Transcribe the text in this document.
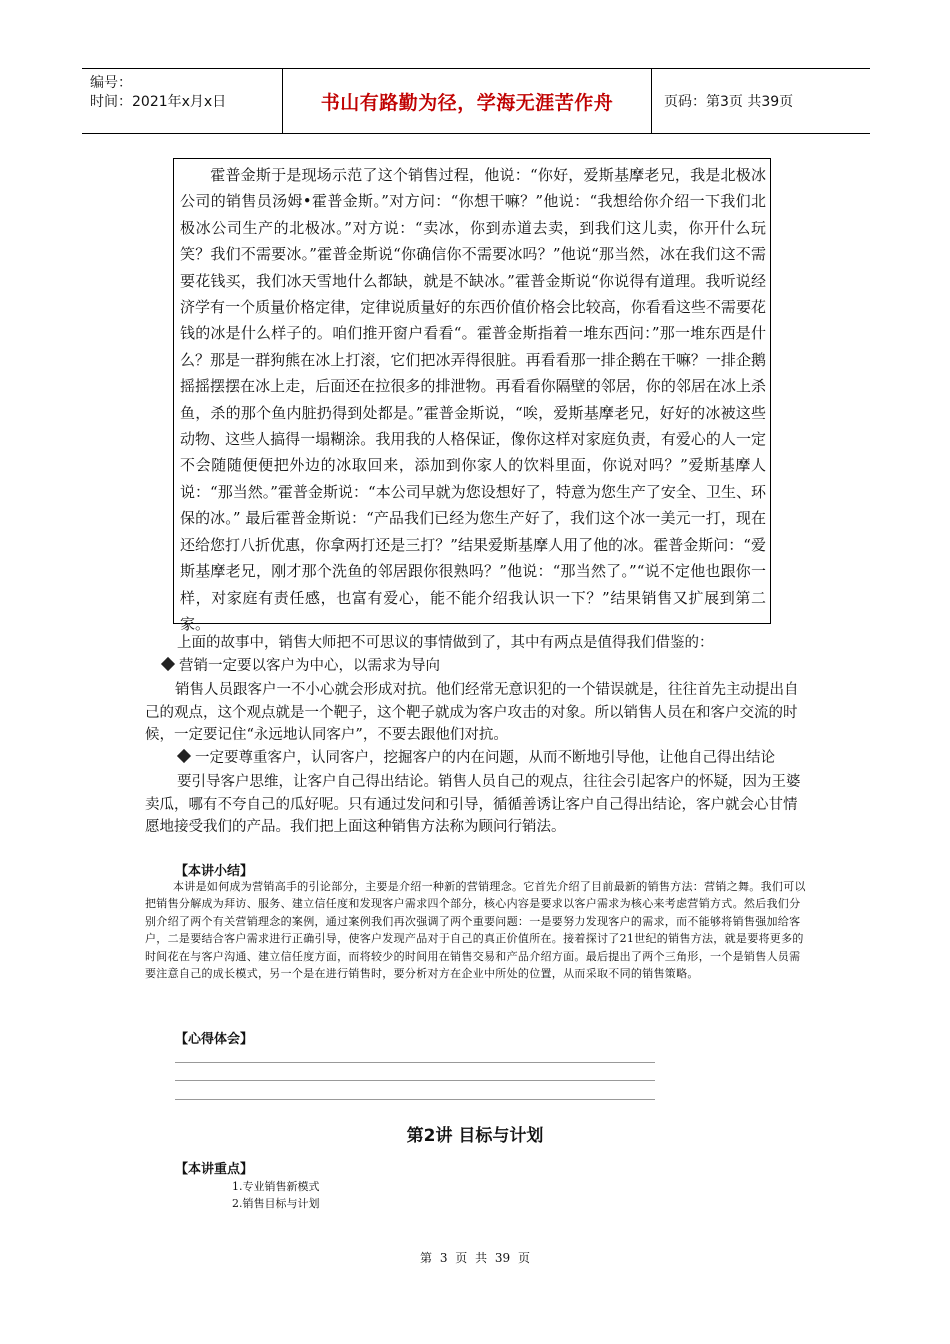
编号：
时间：2021年x月x日	书山有路勤为径，学海无涯苦作舟	页码：第3页 共39页
霍普金斯于是现场示范了这个销售过程，他说：“你好，爱斯基摩老兄，我是北极冰公司的销售员汤姆•霍普金斯。”对方问：“你想干嘛？”他说：“我想给你介绍一下我们北极冰公司生产的北极冰。”对方说：“卖冰，你到赤道去卖，到我们这儿卖，你开什么玩笑？我们不需要冰。”霍普金斯说“你确信你不需要冰吗？”他说“那当然，冰在我们这不需要花钱买，我们冰天雪地什么都缺，就是不缺冰。”霍普金斯说“你说得有道理。我听说经济学有一个质量价格定律，定律说质量好的东西价值价格会比较高，你看看这些不需要花钱的冰是什么样子的。咱们推开窗户看看“。霍普金斯指着一堆东西问：”那一堆东西是什么？那是一群狗熊在冰上打滚，它们把冰弄得很脏。再看看那一排企鹅在干嘛？一排企鹅摇摇摆摆在冰上走，后面还在拉很多的排泄物。再看看你隔壁的邻居，你的邻居在冰上杀鱼，杀的那个鱼内脏扔得到处都是。”霍普金斯说，“唉，爱斯基摩老兄，好好的冰被这些动物、这些人搞得一塌糊涂。我用我的人格保证，像你这样对家庭负责，有爱心的人一定不会随随便便把外边的冰取回来，添加到你家人的饮料里面，你说对吗？”爱斯基摩人说：“那当然。”霍普金斯说：“本公司早就为您设想好了，特意为您生产了安全、卫生、环保的冰。” 最后霍普金斯说：“产品我们已经为您生产好了，我们这个冰一美元一打，现在还给您打八折优惠，你拿两打还是三打？”结果爱斯基摩人用了他的冰。霍普金斯问：“爱斯基摩老兄，刚才那个洗鱼的邻居跟你很熟吗？”他说：“那当然了。”“说不定他也跟你一样，对家庭有责任感，也富有爱心，能不能介绍我认识一下？”结果销售又扩展到第二家。
上面的故事中，销售大师把不可思议的事情做到了，其中有两点是值得我们借鉴的：
营销一定要以客户为中心，以需求为导向
销售人员跟客户一不小心就会形成对抗。他们经常无意识犯的一个错误就是，往往首先主动提出自己的观点，这个观点就是一个靶子，这个靶子就成为客户攻击的对象。所以销售人员在和客户交流的时候，一定要记住“永远地认同客户”，不要去跟他们对抗。
一定要尊重客户，认同客户，挖掘客户的内在问题，从而不断地引导他，让他自己得出结论
要引导客户思维，让客户自己得出结论。销售人员自己的观点，往往会引起客户的怀疑，因为王婆卖瓜，哪有不夸自己的瓜好呢。只有通过发问和引导，循循善诱让客户自己得出结论，客户就会心甘情愿地接受我们的产品。我们把上面这种销售方法称为顾问行销法。
【本讲小结】
本讲是如何成为营销高手的引论部分，主要是介绍一种新的营销理念。它首先介绍了目前最新的销售方法：营销之舞。我们可以把销售分解成为拜访、服务、建立信任度和发现客户需求四个部分，核心内容是要求以客户需求为核心来考虑营销方式。然后我们分别介绍了两个有关营销理念的案例，通过案例我们再次强调了两个重要问题：一是要努力发现客户的需求，而不能够将销售强加给客户，二是要结合客户需求进行正确引导，使客户发现产品对于自己的真正价值所在。接着探讨了21世纪的销售方法，就是要将更多的时间花在与客户沟通、建立信任度方面，而将较少的时间用在销售交易和产品介绍方面。最后提出了两个三角形，一个是销售人员需要注意自己的成长模式，另一个是在进行销售时，要分析对方在企业中所处的位置，从而采取不同的销售策略。
【心得体会】
第2讲 目标与计划
【本讲重点】
1.专业销售新模式
2.销售目标与计划
第 3 页 共 39 页
